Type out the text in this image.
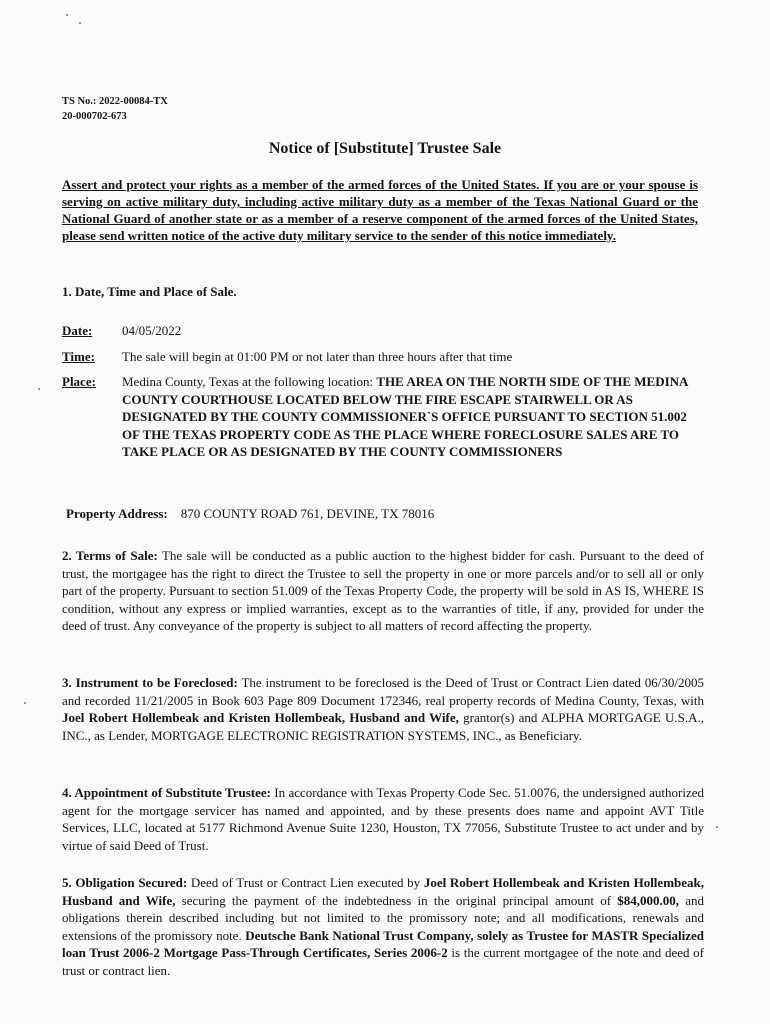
TS No.: 2022-00084-TX
20-000702-673
Notice of [Substitute] Trustee Sale
Assert and protect your rights as a member of the armed forces of the United States. If you are or your spouse is serving on active military duty, including active military duty as a member of the Texas National Guard or the National Guard of another state or as a member of a reserve component of the armed forces of the United States, please send written notice of the active duty military service to the sender of this notice immediately.
1. Date, Time and Place of Sale.
Date: 04/05/2022
Time: The sale will begin at 01:00 PM or not later than three hours after that time
Place: Medina County, Texas at the following location: THE AREA ON THE NORTH SIDE OF THE MEDINA COUNTY COURTHOUSE LOCATED BELOW THE FIRE ESCAPE STAIRWELL OR AS DESIGNATED BY THE COUNTY COMMISSIONER`S OFFICE PURSUANT TO SECTION 51.002 OF THE TEXAS PROPERTY CODE AS THE PLACE WHERE FORECLOSURE SALES ARE TO TAKE PLACE OR AS DESIGNATED BY THE COUNTY COMMISSIONERS
Property Address: 870 COUNTY ROAD 761, DEVINE, TX 78016
2. Terms of Sale: The sale will be conducted as a public auction to the highest bidder for cash. Pursuant to the deed of trust, the mortgagee has the right to direct the Trustee to sell the property in one or more parcels and/or to sell all or only part of the property. Pursuant to section 51.009 of the Texas Property Code, the property will be sold in AS IS, WHERE IS condition, without any express or implied warranties, except as to the warranties of title, if any, provided for under the deed of trust. Any conveyance of the property is subject to all matters of record affecting the property.
3. Instrument to be Foreclosed: The instrument to be foreclosed is the Deed of Trust or Contract Lien dated 06/30/2005 and recorded 11/21/2005 in Book 603 Page 809 Document 172346, real property records of Medina County, Texas, with Joel Robert Hollembeak and Kristen Hollembeak, Husband and Wife, grantor(s) and ALPHA MORTGAGE U.S.A., INC., as Lender, MORTGAGE ELECTRONIC REGISTRATION SYSTEMS, INC., as Beneficiary.
4. Appointment of Substitute Trustee: In accordance with Texas Property Code Sec. 51.0076, the undersigned authorized agent for the mortgage servicer has named and appointed, and by these presents does name and appoint AVT Title Services, LLC, located at 5177 Richmond Avenue Suite 1230, Houston, TX 77056, Substitute Trustee to act under and by virtue of said Deed of Trust.
5. Obligation Secured: Deed of Trust or Contract Lien executed by Joel Robert Hollembeak and Kristen Hollembeak, Husband and Wife, securing the payment of the indebtedness in the original principal amount of $84,000.00, and obligations therein described including but not limited to the promissory note; and all modifications, renewals and extensions of the promissory note. Deutsche Bank National Trust Company, solely as Trustee for MASTR Specialized loan Trust 2006-2 Mortgage Pass-Through Certificates, Series 2006-2 is the current mortgagee of the note and deed of trust or contract lien.
